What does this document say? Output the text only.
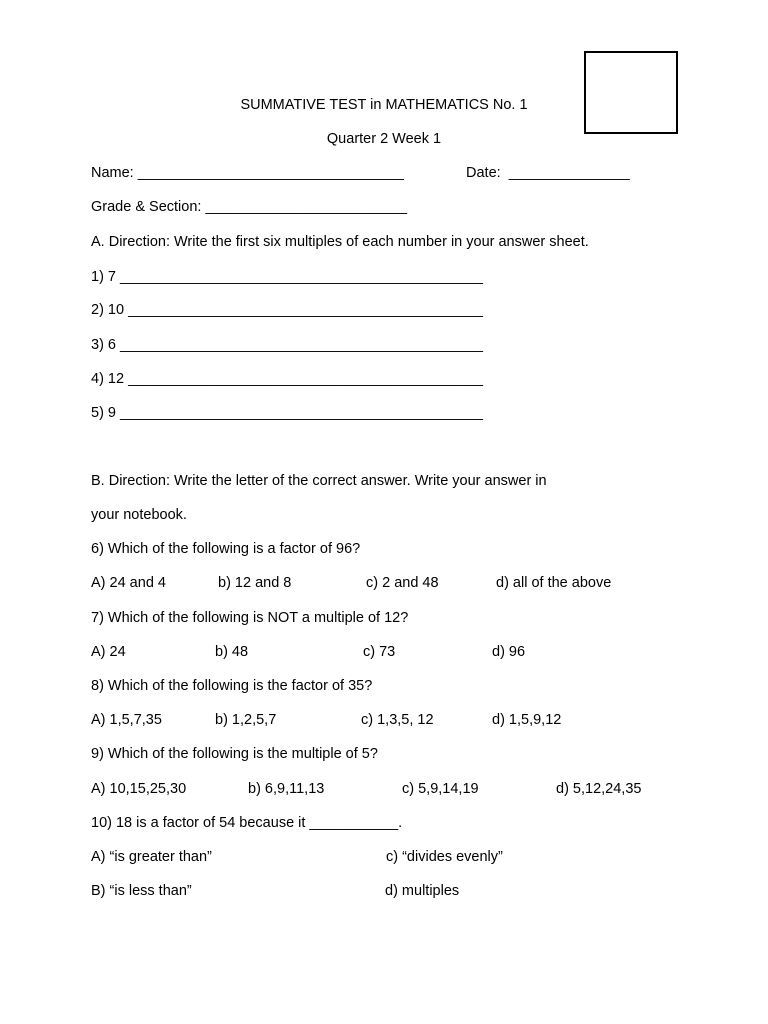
SUMMATIVE TEST in MATHEMATICS No. 1
Quarter 2 Week 1
Name: _________________________________	Date:  _______________
Grade & Section: _________________________
A. Direction: Write the first six multiples of each number in your answer sheet.
1) 7 _____________________________________________
2) 10 ____________________________________________
3) 6 _____________________________________________
4) 12 ____________________________________________
5) 9 _____________________________________________
B. Direction: Write the letter of the correct answer. Write your answer in
your notebook.
6) Which of the following is a factor of 96?
A) 24 and 4	b) 12 and 8	c) 2 and 48	d) all of the above
7) Which of the following is NOT a multiple of 12?
A) 24	b) 48	c) 73	d) 96
8) Which of the following is the factor of 35?
A) 1,5,7,35	b) 1,2,5,7	c) 1,3,5, 12	d) 1,5,9,12
9) Which of the following is the multiple of 5?
A) 10,15,25,30	b) 6,9,11,13	c) 5,9,14,19	d) 5,12,24,35
10) 18 is a factor of 54 because it ___________.
A) “is greater than”	c) “divides evenly”
B) “is less than”	d) multiples
